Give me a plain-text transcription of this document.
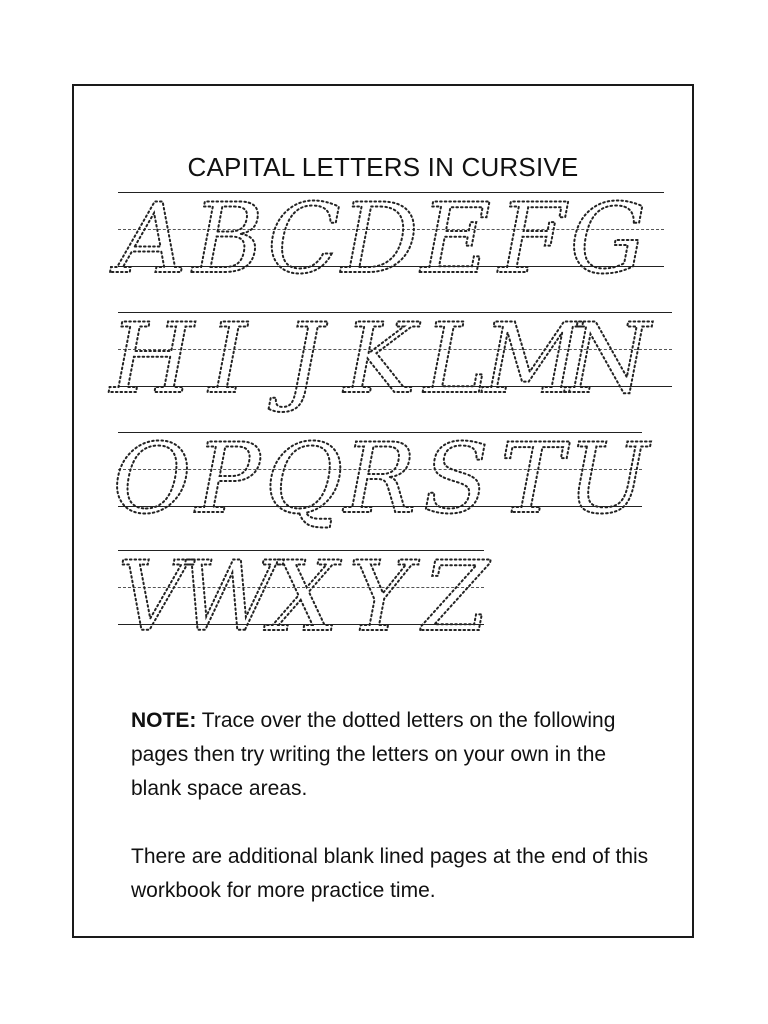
CAPITAL LETTERS IN CURSIVE
A B C D E F G
H I J K L
M
N
O P Q R S T U
V
W
X Y Z

NOTE: Trace over the dotted letters on the following pages then try writing the letters on your own in the blank space areas.

There are additional blank lined pages at the end of this workbook for more practice time.
